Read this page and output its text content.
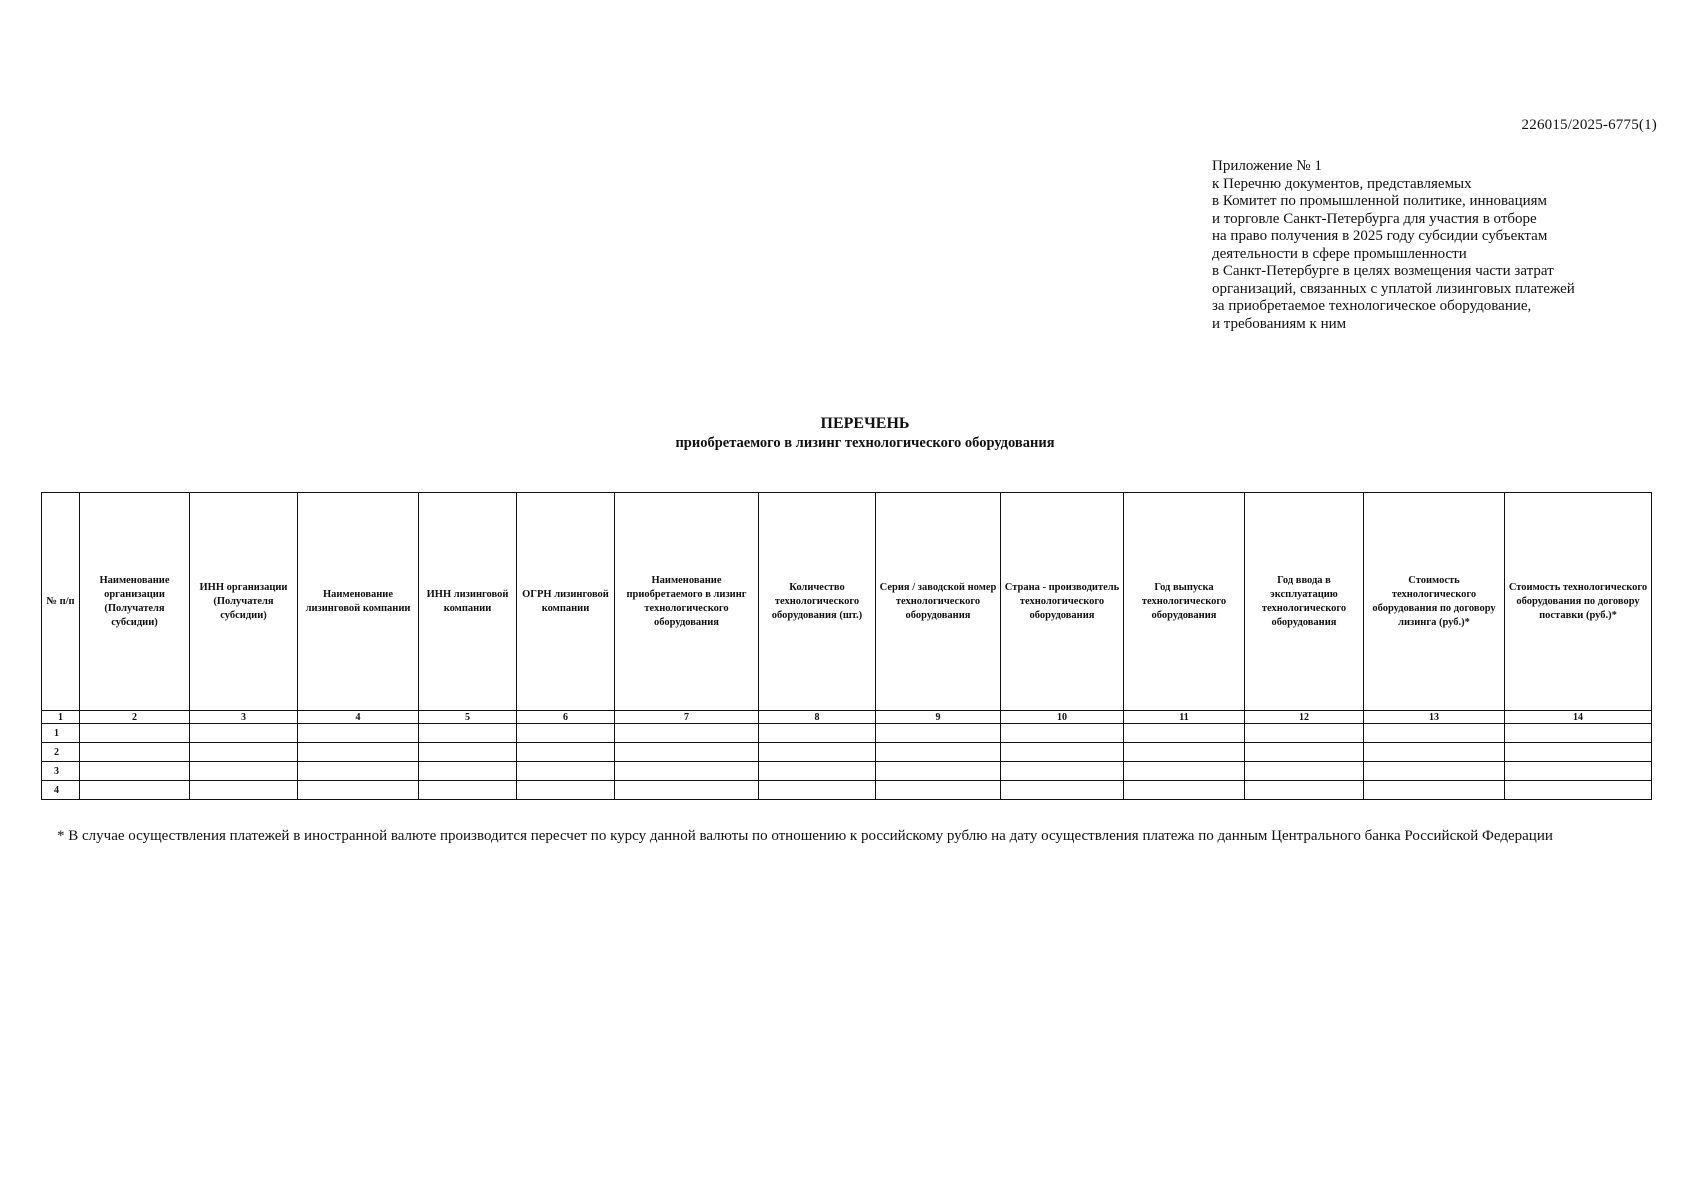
226015/2025-6775(1)
Приложение № 1
к Перечню документов, представляемых
в Комитет по промышленной политике, инновациям
и торговле Санкт-Петербурга для участия в отборе
на право получения в 2025 году субсидии субъектам
деятельности в сфере промышленности
в Санкт-Петербурге в целях возмещения части затрат
организаций, связанных с уплатой лизинговых платежей
за приобретаемое технологическое оборудование,
и требованиям к ним
ПЕРЕЧЕНЬ
приобретаемого в лизинг технологического оборудования
№ п/п	Наименование организации (Получателя субсидии)	ИНН организации (Получателя субсидии)	Наименование лизинговой компании	ИНН лизинговой компании	ОГРН лизинговой компании	Наименование приобретаемого в лизинг технологического оборудования	Количество технологического оборудования (шт.)	Серия / заводской номер технологического оборудования	Страна - производитель технологического оборудования	Год выпуска технологического оборудования	Год ввода в эксплуатацию технологического оборудования	Стоимость технологического оборудования по договору лизинга (руб.)*	Стоимость технологического оборудования по договору поставки (руб.)*
1	2	3	4	5	6	7	8	9	10	11	12	13	14
1													
2													
3													
4													
* В случае осуществления платежей в иностранной валюте производится пересчет по курсу данной валюты по отношению к российскому рублю на дату осуществления платежа по данным Центрального банка Российской Федерации
